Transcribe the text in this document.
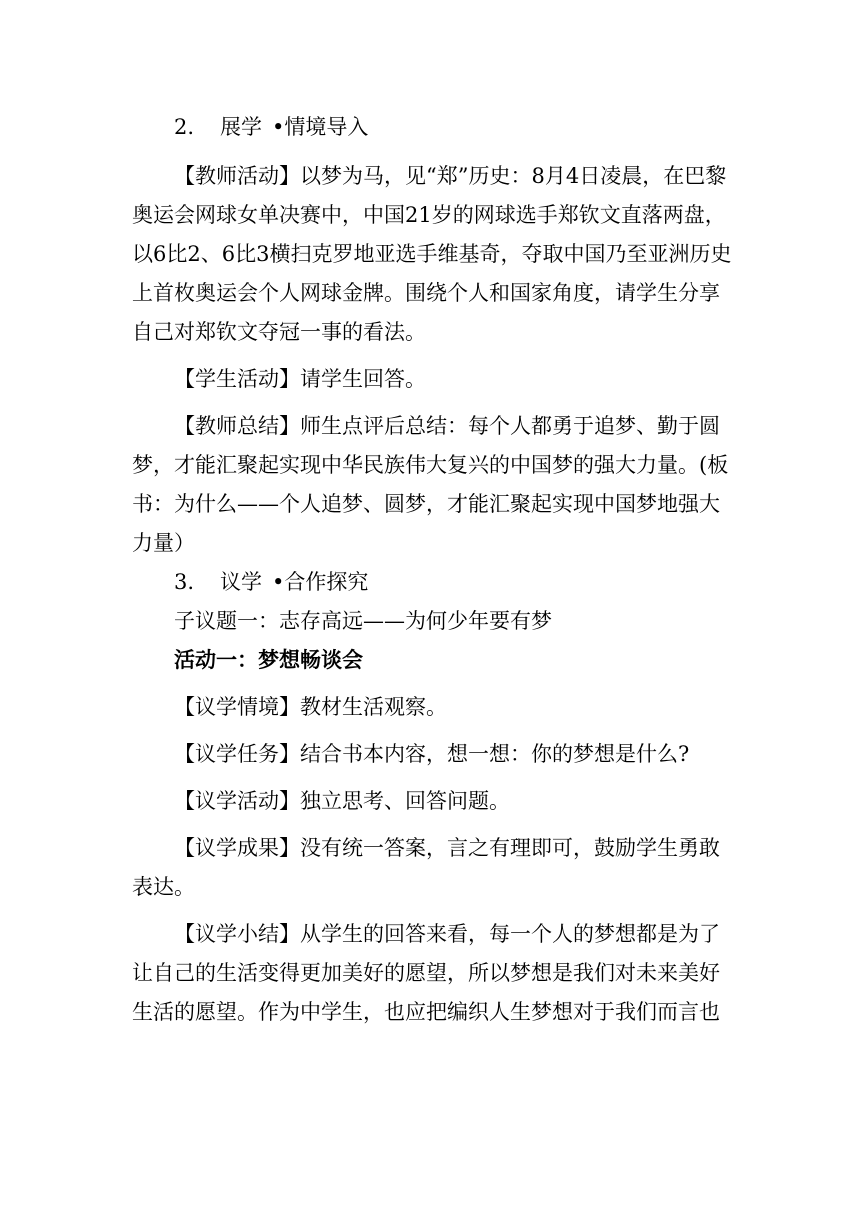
2. 展学 •情境导入

【教师活动】以梦为马，见“郑”历史：8月4日凌晨，在巴黎奥运会网球女单决赛中，中国21岁的网球选手郑钦文直落两盘，以6比2、6比3横扫克罗地亚选手维基奇，夺取中国乃至亚洲历史上首枚奥运会个人网球金牌。围绕个人和国家角度，请学生分享自己对郑钦文夺冠一事的看法。

【学生活动】请学生回答。

【教师总结】师生点评后总结：每个人都勇于追梦、勤于圆梦，才能汇聚起实现中华民族伟大复兴的中国梦的强大力量。(板书：为什么——个人追梦、圆梦，才能汇聚起实现中国梦地强大力量）

3. 议学 •合作探究

子议题一：志存高远——为何少年要有梦

活动一：梦想畅谈会

【议学情境】教材生活观察。

【议学任务】结合书本内容，想一想：你的梦想是什么?

【议学活动】独立思考、回答问题。

【议学成果】没有统一答案，言之有理即可，鼓励学生勇敢表达。

【议学小结】从学生的回答来看，每一个人的梦想都是为了让自己的生活变得更加美好的愿望，所以梦想是我们对未来美好生活的愿望。作为中学生，也应把编织人生梦想对于我们而言也
